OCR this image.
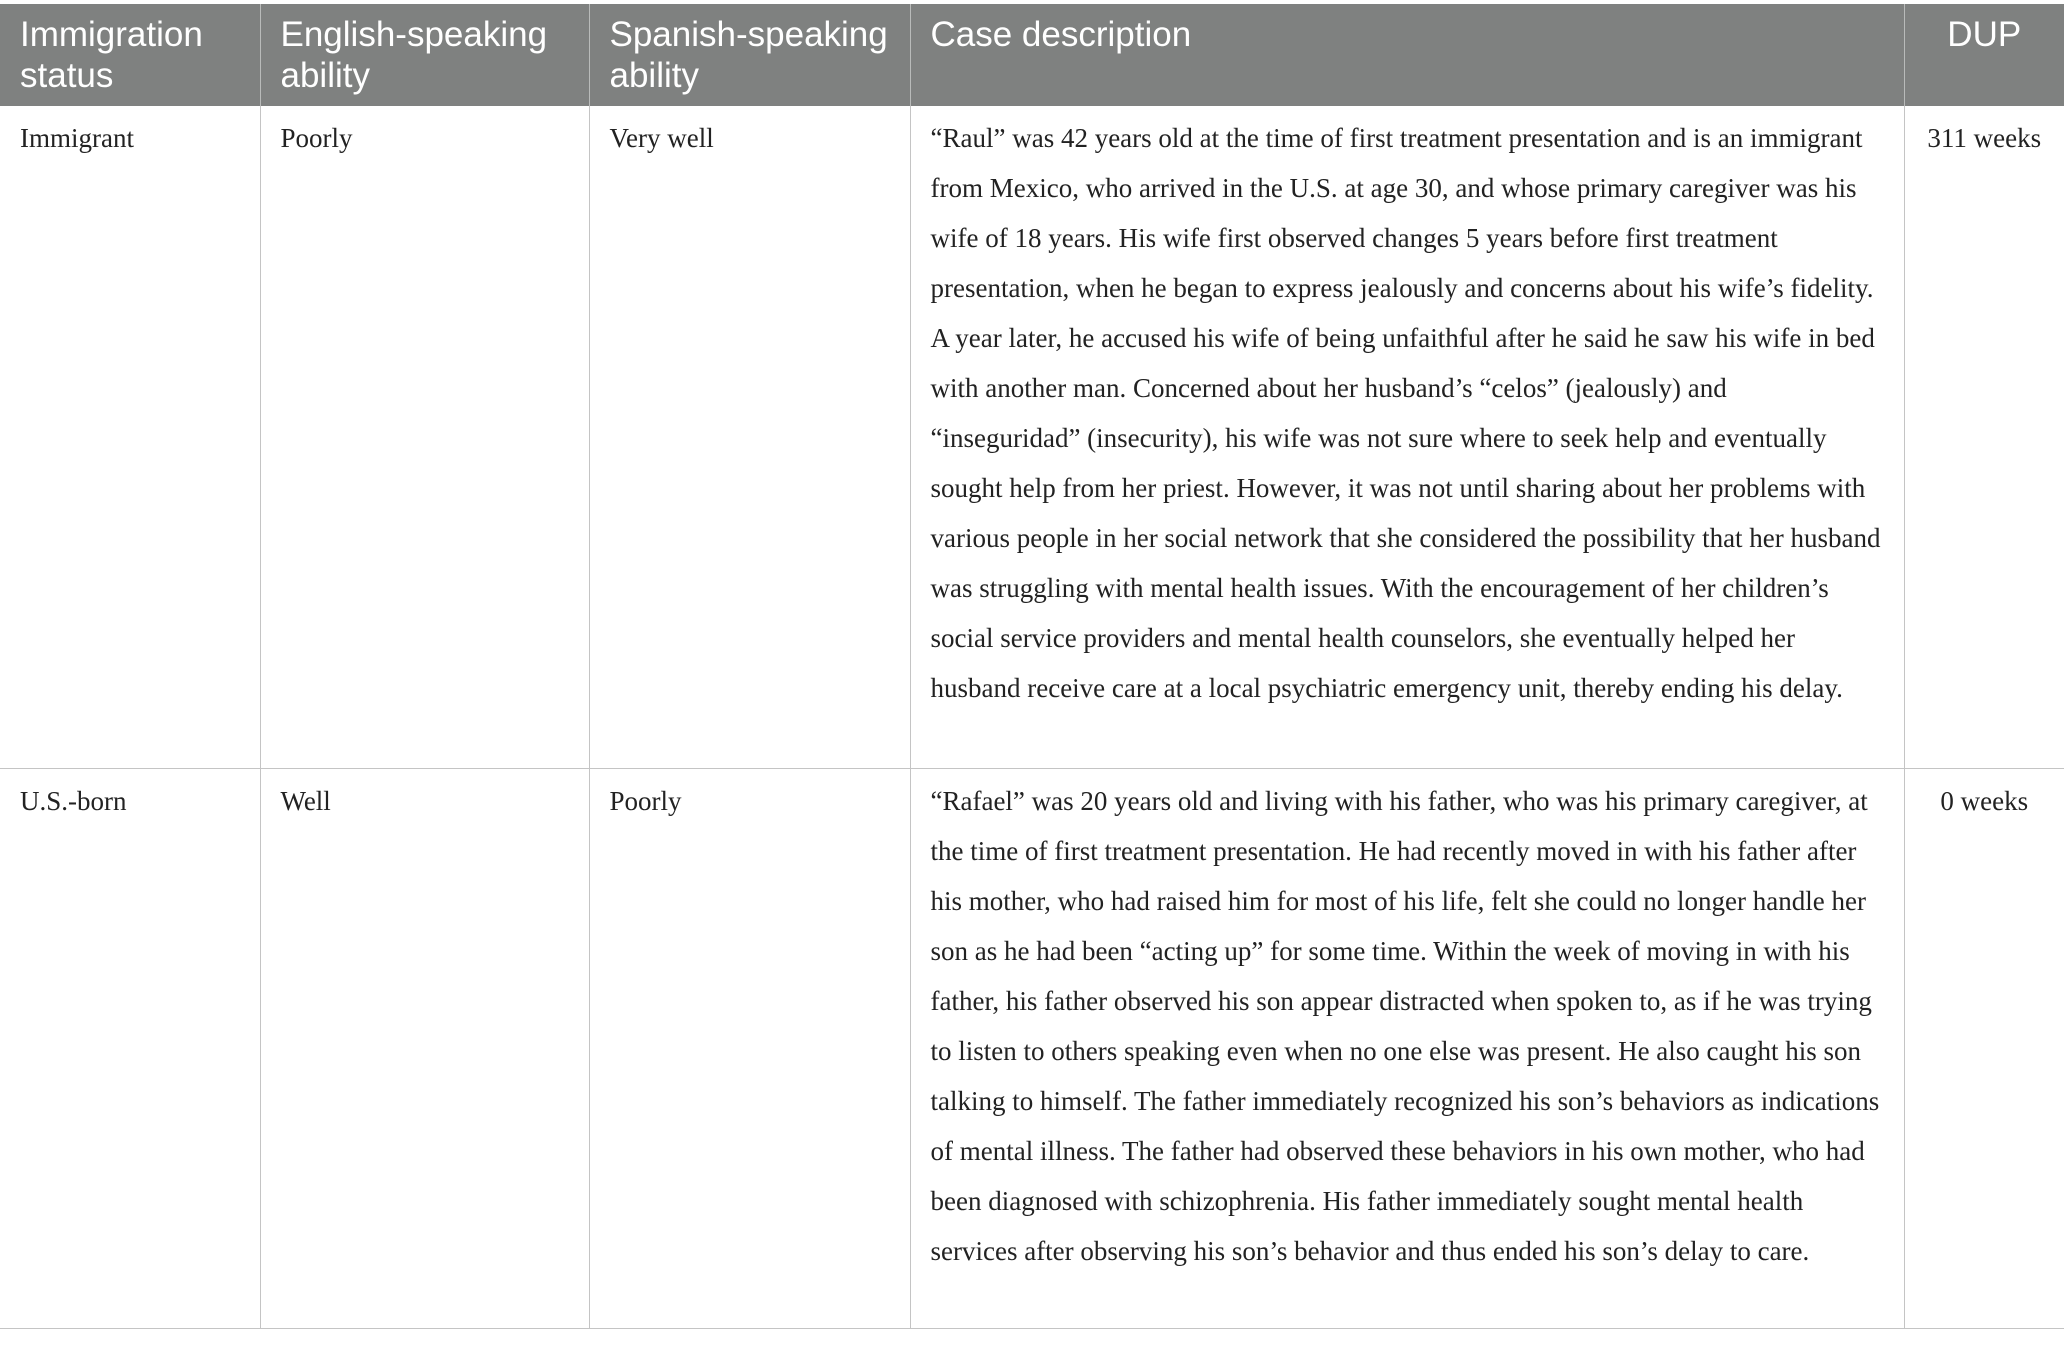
Immigration status	English-speaking ability	Spanish-speaking ability	Case description	DUP
Immigrant	Poorly	Very well	“Raul” was 42 years old at the time of first treatment presentation and is an immigrant from Mexico, who arrived in the U.S. at age 30, and whose primary caregiver was his wife of 18 years. His wife first observed changes 5 years before first treatment presentation, when he began to express jealously and concerns about his wife’s fidelity. A year later, he accused his wife of being unfaithful after he said he saw his wife in bed with another man. Concerned about her husband’s “celos” (jealously) and “inseguridad” (insecurity), his wife was not sure where to seek help and eventually sought help from her priest. However, it was not until sharing about her problems with various people in her social network that she considered the possibility that her husband was struggling with mental health issues. With the encouragement of her children’s social service providers and mental health counselors, she eventually helped her husband receive care at a local psychiatric emergency unit, thereby ending his delay.	311 weeks
U.S.-born	Well	Poorly	“Rafael” was 20 years old and living with his father, who was his primary caregiver, at the time of first treatment presentation. He had recently moved in with his father after his mother, who had raised him for most of his life, felt she could no longer handle her son as he had been “acting up” for some time. Within the week of moving in with his father, his father observed his son appear distracted when spoken to, as if he was trying to listen to others speaking even when no one else was present. He also caught his son talking to himself. The father immediately recognized his son’s behaviors as indications of mental illness. The father had observed these behaviors in his own mother, who had been diagnosed with schizophrenia. His father immediately sought mental health services after observing his son’s behavior and thus ended his son’s delay to care.	0 weeks
